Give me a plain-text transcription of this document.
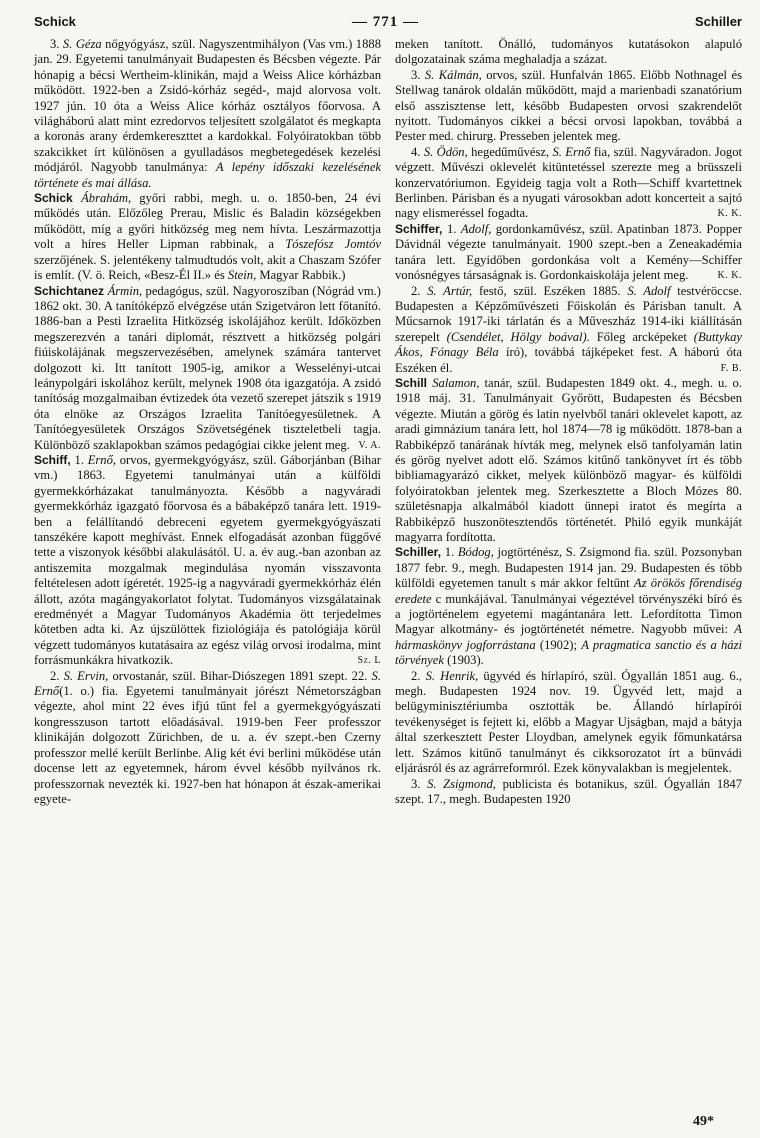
Schick	— 771 —	Schiller

3. S. Géza nőgyógyász, szül. Nagyszentmihályon (Vas vm.) 1888 jan. 29. Egyetemi tanulmányait Budapesten és Bécsben végezte. Pár hónapig a bécsi Wertheim-klinikán, majd a Weiss Alice kórházban működött. 1922-ben a Zsidó-kórház segéd-, majd alorvosa volt. 1927 jún. 10 óta a Weiss Alice kórház osztályos főorvosa. A világháború alatt mint ezredorvos teljesített szolgálatot és megkapta a koronás arany érdemkereszttet a kardokkal. Folyóiratokban több szakcikket írt különösen a gyulladásos megbetegedések kezelési módjáról. Nagyobb tanulmánya: A lepény időszaki kezelésének története és mai állása.

Schick Ábrahám, győri rabbi, megh. u. o. 1850-ben, 24 évi működés után. Előzőleg Prerau, Mislic és Baladin községekben működött, míg a győri hitközség meg nem hívta. Leszármazottja volt a híres Heller Lipman rabbinak, a Tószefósz Jomtóv szerzőjének. S. jelentékeny talmudtudós volt, akit a Chaszam Szófer is említ. (V. ö. Reich, «Besz-Él II.» és Stein, Magyar Rabbik.)

Schichtanez Ármin, pedagógus, szül. Nagyoroszíban (Nógrád vm.) 1862 okt. 30. A tanítóképző elvégzése után Szigetváron lett főtanító. 1886-ban a Pesti Izraelita Hitközség iskolájához került. Időközben megszerezvén a tanári diplomát, résztvett a hitközség polgári fiúiskolájának megszervezésében, amelynek számára tantervet dolgozott ki. Itt tanított 1905-ig, amikor a Wesselényi-utcai leánypolgári iskolához került, melynek 1908 óta igazgatója. A zsidó tanítóság mozgalmaiban évtizedek óta vezető szerepet játszik s 1919 óta elnöke az Országos Izraelita Tanítóegyesületnek. A Tanítóegyesületek Országos Szövetségének tiszteletbeli tagja. Különböző szaklapokban számos pedagógiai cikke jelent meg. V. A.

Schiff, 1. Ernő, orvos, gyermekgyógyász, szül. Gáborjánban (Bihar vm.) 1863. Egyetemi tanulmányai után a külföldi gyermekkórházakat tanulmányozta. Később a nagyváradi gyermekkórház igazgató főorvosa és a bábaképző tanára lett. 1919-ben a felállítandó debreceni egyetem gyermekgyógyászati tanszékére kapott meghívást. Ennek elfogadását azonban függővé tette a viszonyok későbbi alakulásától. U. a. év aug.-ban azonban az antiszemita mozgalmak megindulása nyomán visszavonta feltételesen adott ígéretét. 1925-ig a nagyváradi gyermekkórház élén állott, azóta magángyakorlatot folytat. Tudományos vizsgálatainak eredményét a Magyar Tudományos Akadémia ött terjedelmes kötetben adta ki. Az újszülöttek fiziológiája és patológiája körül végzett tudományos kutatásaira az egész világ orvosi irodalma, mint forrásmunkákra hivatkozik.	Sz. L

2. S. Ervin, orvostanár, szül. Bihar-Diószegen 1891 szept. 22. S. Ernő(1. o.) fia. Egyetemi tanulmányait jórészt Németországban végezte, ahol mint 22 éves ifjú tűnt fel a gyermekgyógyászati kongresszuson tartott előadásával. 1919-ben Feer professzor klinikáján dolgozott Zürichben, de u. a. év szept.-ben Czerny professzor mellé került Berlinbe. Alig két évi berlini működése után docense lett az egyetemnek, három évvel később nyilvános rk. professzornak nevezték ki. 1927-ben hat hónapon át észak-amerikai egyete-

meken tanított. Önálló, tudományos kutatásokon alapuló dolgozatainak száma meghaladja a százat.

3. S. Kálmán, orvos, szül. Hunfalván 1865. Előbb Nothnagel és Stellwag tanárok oldalán működött, majd a marienbadi szanatórium első asszisztense lett, később Budapesten orvosi szakrendelőt nyitott. Tudományos cikkei a bécsi orvosi lapokban, továbbá a Pester med. chirurg. Presseben jelentek meg.

4. S. Ödön, hegedűművész, S. Ernő fia, szül. Nagyváradon. Jogot végzett. Művészi oklevelét kitüntetéssel szerezte meg a brüsszeli konzervatóriumon. Egyideig tagja volt a Roth—Schiff kvartettnek Berlinben. Párisban és a nyugati városokban adott koncerteit a sajtó nagy elismeréssel fogadta.	K. K.

Schiffer, 1. Adolf, gordonkaművész, szül. Apatinban 1873. Popper Dávidnál végezte tanulmányait. 1900 szept.-ben a Zeneakadémia tanára lett. Egyidőben gordonkása volt a Kemény—Schiffer vonósnégyes társaságnak is. Gordonkaiskolája jelent meg.	K. K.

2. S. Artúr, festő, szül. Eszéken 1885. S. Adolf testvéröccse. Budapesten a Képzőművészeti Főiskolán és Párisban tanult. A Műcsarnok 1917-iki tárlatán és a Műveszház 1914-iki kiállításán szerepelt (Csendélet, Hölgy boával). Főleg arcképeket (Buttykay Ákos, Fónagy Béla író), továbbá tájképeket fest. A háború óta Eszéken él.	F. B.

Schill Salamon, tanár, szül. Budapesten 1849 okt. 4., megh. u. o. 1918 máj. 31. Tanulmányait Győrött, Budapesten és Bécsben végezte. Miután a görög és latin nyelvből tanári oklevelet kapott, az aradi gimnázium tanára lett, hol 1874—78 ig működött. 1878-ban a Rabbiképző tanárának hívták meg, melynek első tanfolyamán latin és görög nyelvet adott elő. Számos kitűnő tankönyvet írt és több bibliamagyarázó cikket, melyek különböző magyar- és külföldi folyóiratokban jelentek meg. Szerkesztette a Bloch Mózes 80. születésnapja alkalmából kiadott ünnepi iratot és megírta a Rabbiképző huszonötesztendős történetét. Philó egyik munkáját magyarra fordította.

Schiller, 1. Bódog, jogtörténész, S. Zsigmond fia. szül. Pozsonyban 1877 febr. 9., megh. Budapesten 1914 jan. 29. Budapesten és több külföldi egyetemen tanult s már akkor feltűnt Az örökös főrendiség eredete c munkájával. Tanulmányai végeztével törvényszéki bíró és a jogtörténelem egyetemi magántanára lett. Lefordította Timon Magyar alkotmány- és jogtörténetét németre. Nagyobb művei: A hármaskönyv jogforrástana (1902); A pragmatica sanctio és a házi törvények (1903).

2. S. Henrik, ügyvéd és hírlapíró, szül. Ógyallán 1851 aug. 6., megh. Budapesten 1924 nov. 19. Ügyvéd lett, majd a belügyminisztériumba osztották be. Állandó hírlapírói tevékenységet is fejtett ki, előbb a Magyar Ujságban, majd a bátyja által szerkesztett Pester Lloydban, amelynek egyik főmunkatársa lett. Számos kitűnő tanulmányt és cikksorozatot írt a bünvádi eljárásról és az agrárreformról. Ezek könyvalakban is megjelentek.

3. S. Zsigmond, publicista és botanikus, szül. Ógyallán 1847 szept. 17., megh. Budapesten 1920

49*
